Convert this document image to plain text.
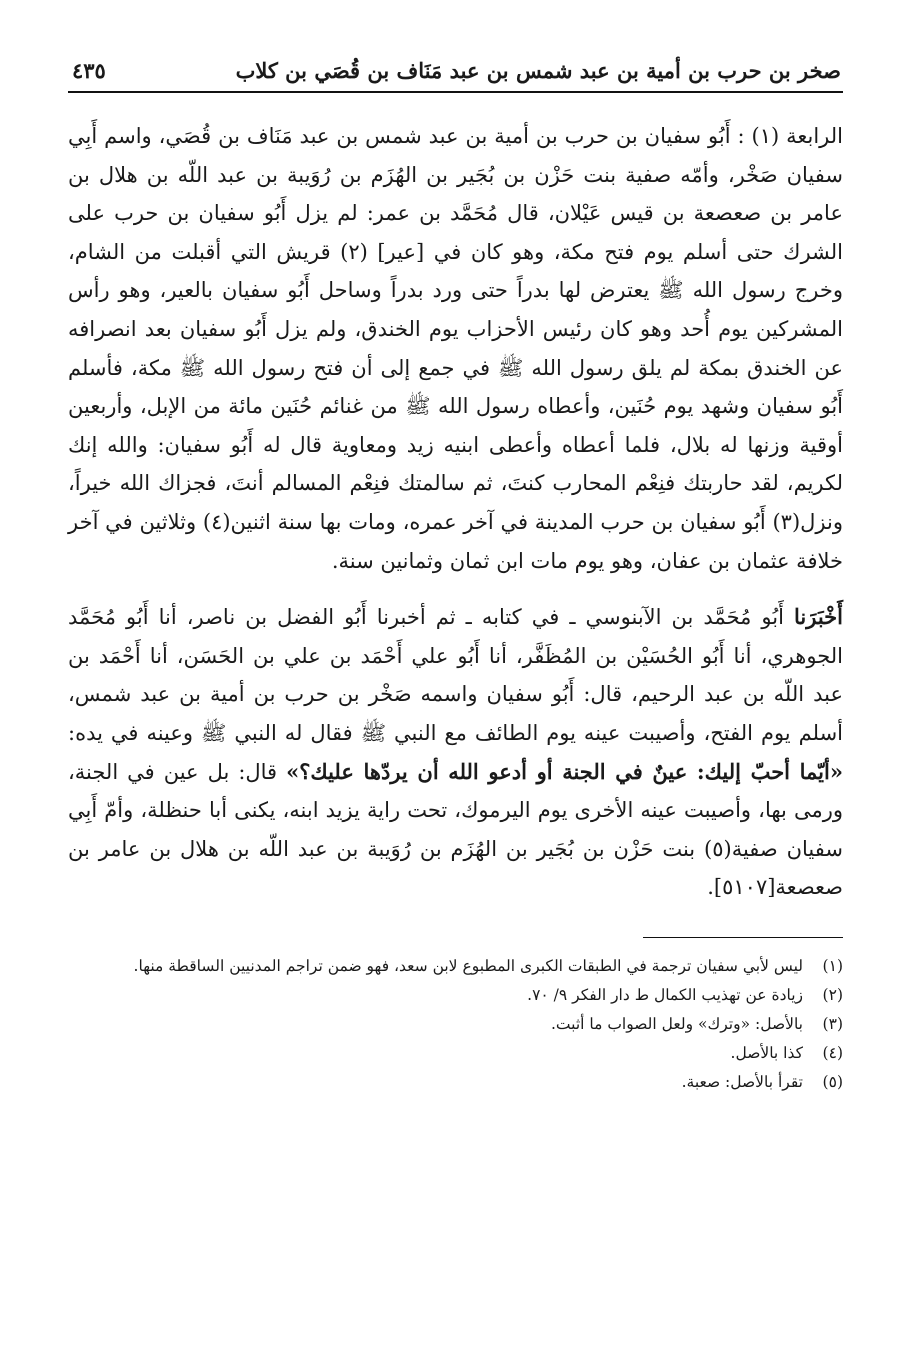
صخر بن حرب بن أمية بن عبد شمس بن عبد مَنَاف بن قُصَي بن كلاب
٤٣٥

الرابعة (١) : أَبُو سفيان بن حرب بن أمية بن عبد شمس بن عبد مَنَاف بن قُصَي، واسم أَبِي سفيان صَخْر، وأمّه صفية بنت حَزْن بن بُجَير بن الهُزَم بن رُوَيبة بن عبد اللّه بن هلال بن عامر بن صعصعة بن قيس عَيْلان، قال مُحَمَّد بن عمر: لم يزل أَبُو سفيان بن حرب على الشرك حتى أسلم يوم فتح مكة، وهو كان في [عير] (٢) قريش التي أقبلت من الشام، وخرج رسول الله ﷺ يعترض لها بدراً حتى ورد بدراً وساحل أَبُو سفيان بالعير، وهو رأس المشركين يوم أُحد وهو كان رئيس الأحزاب يوم الخندق، ولم يزل أَبُو سفيان بعد انصرافه عن الخندق بمكة لم يلق رسول الله ﷺ في جمع إلى أن فتح رسول الله ﷺ مكة، فأسلم أَبُو سفيان وشهد يوم حُنَين، وأعطاه رسول الله ﷺ من غنائم حُنَين مائة من الإبل، وأربعين أوقية وزنها له بلال، فلما أعطاه وأعطى ابنيه زيد ومعاوية قال له أَبُو سفيان: والله إنك لكريم، لقد حاربتك فنِعْم المحارب كنتَ، ثم سالمتك فنِعْم المسالم أنتَ، فجزاك الله خيراً، ونزل(٣) أَبُو سفيان بن حرب المدينة في آخر عمره، ومات بها سنة اثنين(٤) وثلاثين في آخر خلافة عثمان بن عفان، وهو يوم مات ابن ثمان وثمانين سنة.

أَخْبَرَنا أَبُو مُحَمَّد بن الآبنوسي ـ في كتابه ـ ثم أخبرنا أَبُو الفضل بن ناصر، أنا أَبُو مُحَمَّد الجوهري، أنا أَبُو الحُسَيْن بن المُظَفَّر، أنا أَبُو علي أَحْمَد بن علي بن الحَسَن، أنا أَحْمَد بن عبد اللّه بن عبد الرحيم، قال: أَبُو سفيان واسمه صَخْر بن حرب بن أمية بن عبد شمس، أسلم يوم الفتح، وأصيبت عينه يوم الطائف مع النبي ﷺ فقال له النبي ﷺ وعينه في يده: «أيّما أحبّ إليك: عينٌ في الجنة أو أدعو الله أن يردّها عليك؟» قال: بل عين في الجنة، ورمى بها، وأصيبت عينه الأخرى يوم اليرموك، تحت راية يزيد ابنه، يكنى أبا حنظلة، وأمّ أَبِي سفيان صفية(٥) بنت حَزْن بن بُجَير بن الهُزَم بن رُوَيبة بن عبد اللّه بن هلال بن عامر بن صعصعة[٥١٠٧].

(١)
ليس لأبي سفيان ترجمة في الطبقات الكبرى المطبوع لابن سعد، فهو ضمن تراجم المدنيين الساقطة منها.
(٢)
زيادة عن تهذيب الكمال ط دار الفكر ٩/ ٧٠.
(٣)
بالأصل: «وترك» ولعل الصواب ما أثبت.
(٤)
كذا بالأصل.
(٥)
تقرأ بالأصل: صعبة.
